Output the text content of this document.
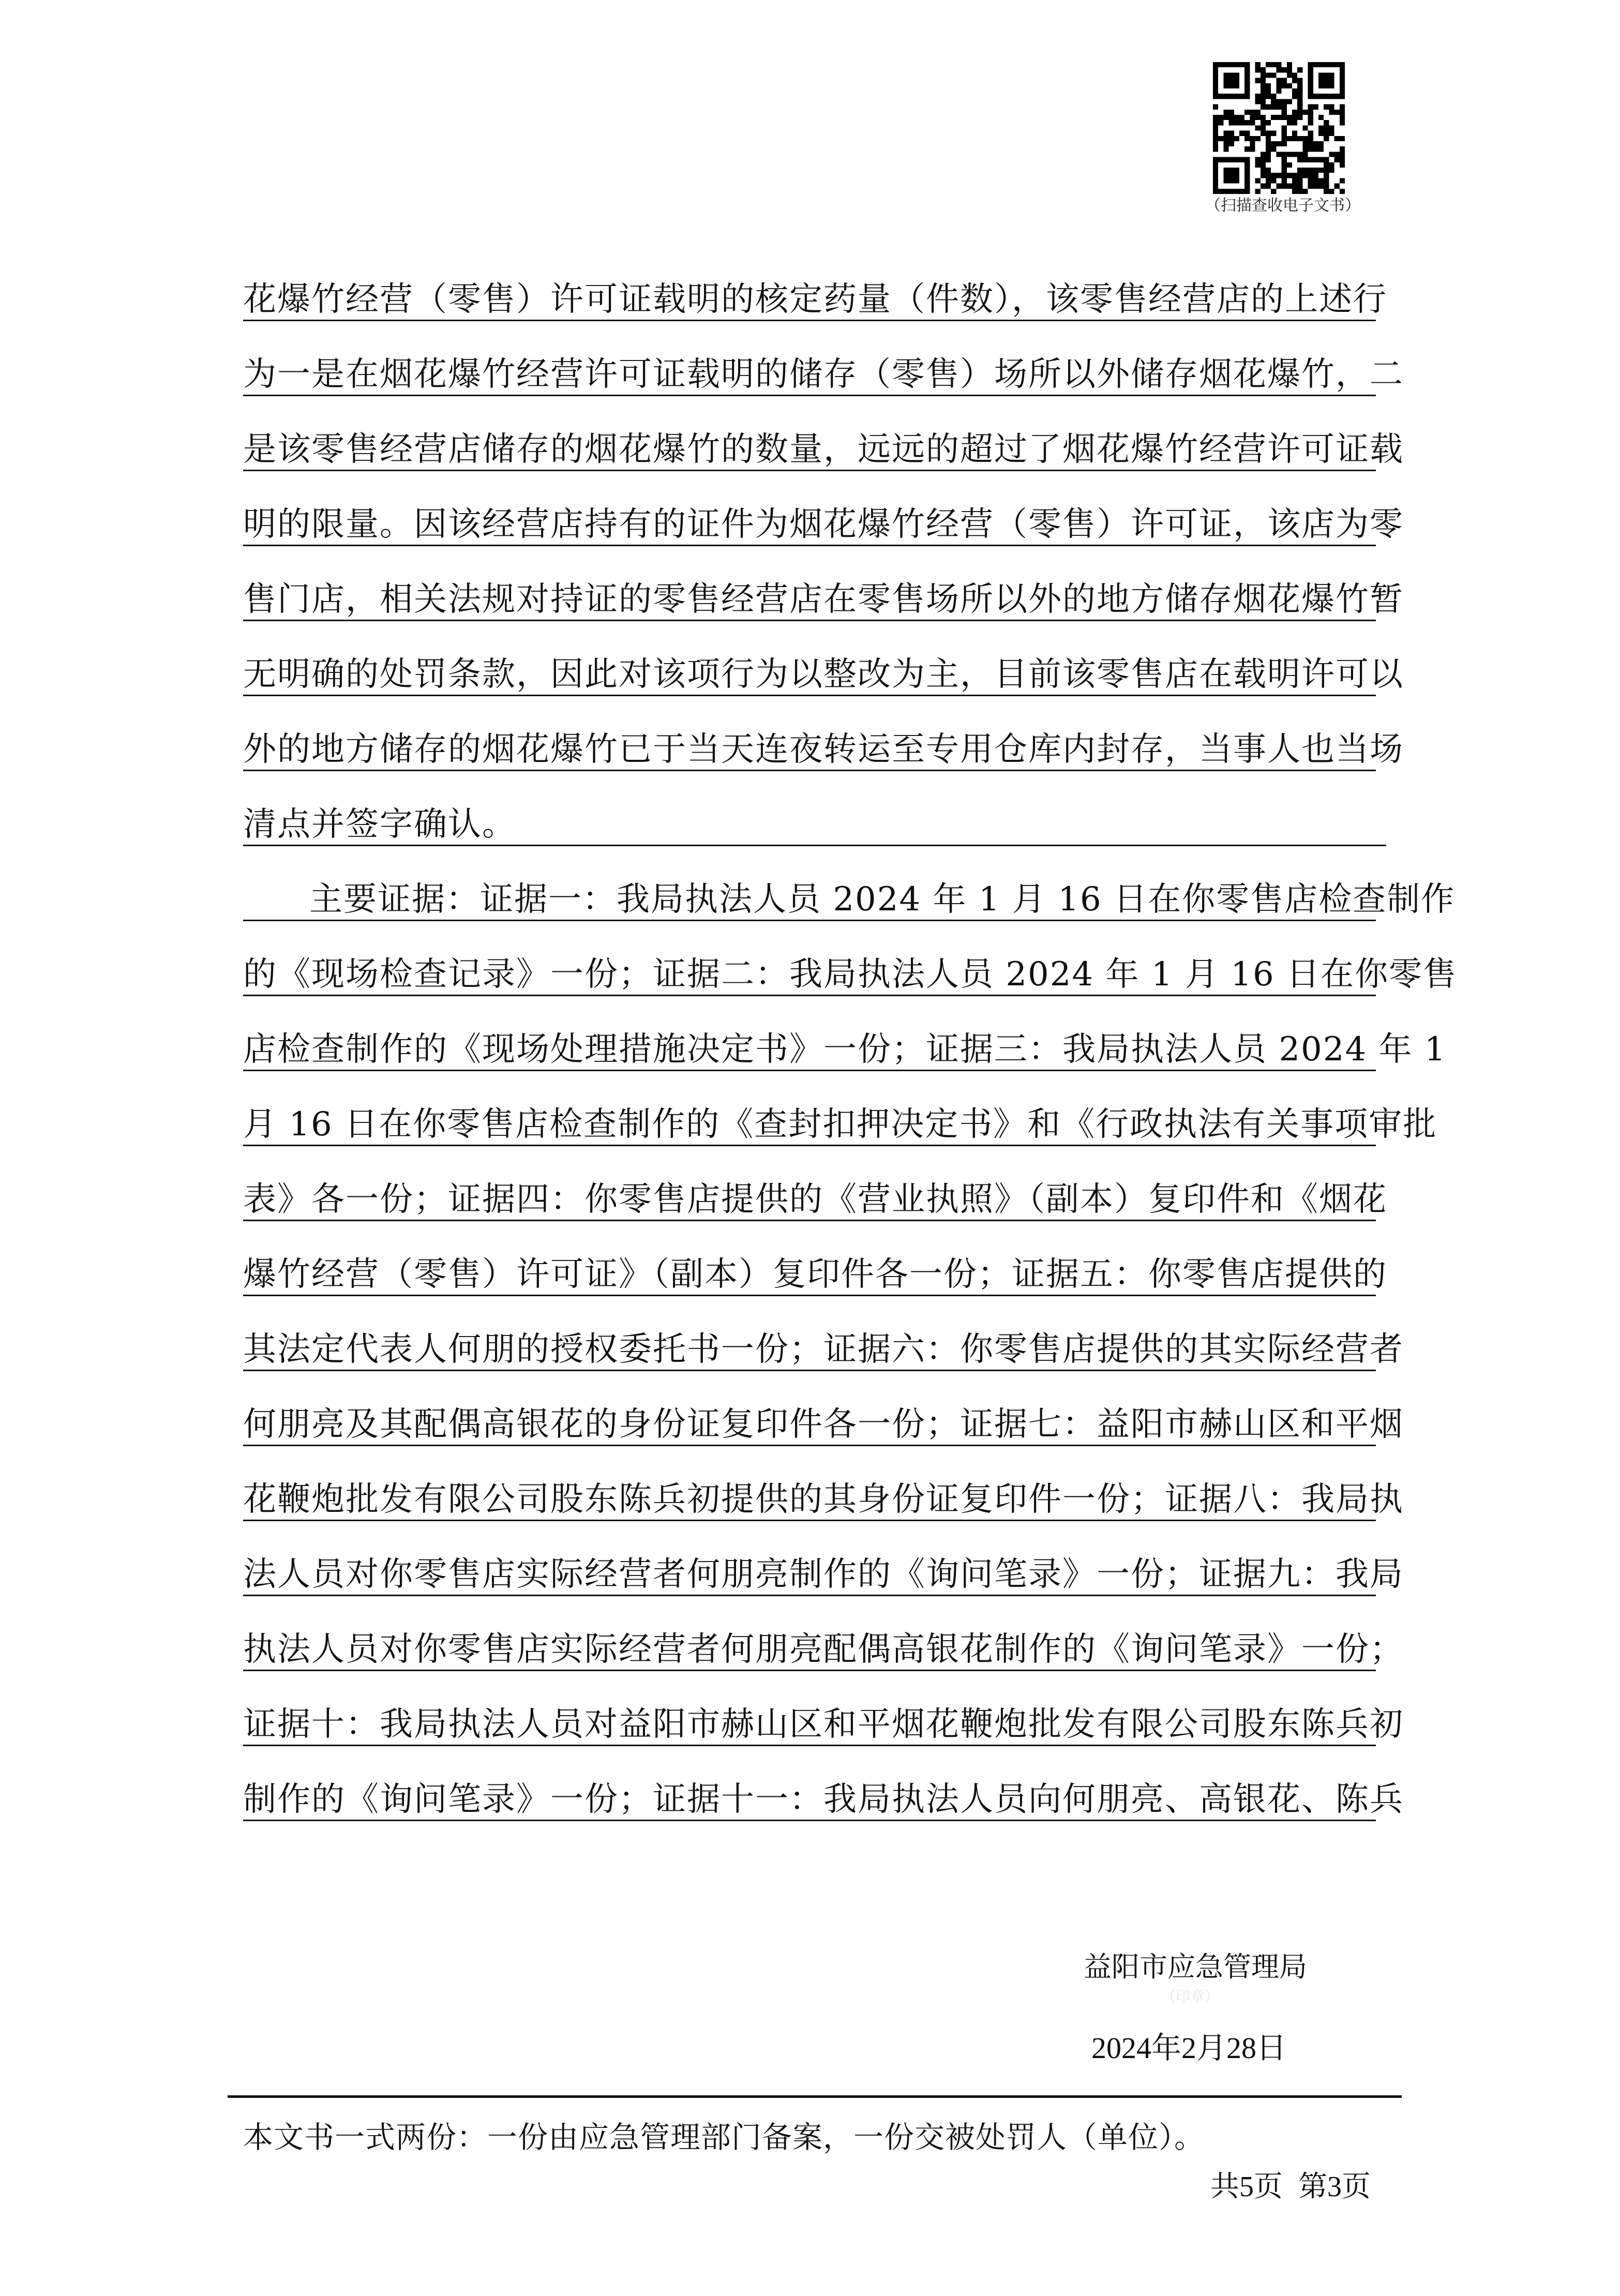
（扫描查收电子文书）
花爆竹经营（零售）许可证载明的核定药量（件数），该零售经营店的上述行
为一是在烟花爆竹经营许可证载明的储存（零售）场所以外储存烟花爆竹，二
是该零售经营店储存的烟花爆竹的数量，远远的超过了烟花爆竹经营许可证载
明的限量。因该经营店持有的证件为烟花爆竹经营（零售）许可证，该店为零
售门店，相关法规对持证的零售经营店在零售场所以外的地方储存烟花爆竹暂
无明确的处罚条款，因此对该项行为以整改为主，目前该零售店在载明许可以
外的地方储存的烟花爆竹已于当天连夜转运至专用仓库内封存，当事人也当场
清点并签字确认。
主要证据：证据一：我局执法人员 2024 年 1 月 16 日在你零售店检查制作
的《现场检查记录》一份；证据二：我局执法人员 2024 年 1 月 16 日在你零售
店检查制作的《现场处理措施决定书》一份；证据三：我局执法人员 2024 年 1
月 16 日在你零售店检查制作的《查封扣押决定书》和《行政执法有关事项审批
表》各一份；证据四：你零售店提供的《营业执照》（副本）复印件和《烟花
爆竹经营（零售）许可证》（副本）复印件各一份；证据五：你零售店提供的
其法定代表人何朋的授权委托书一份；证据六：你零售店提供的其实际经营者
何朋亮及其配偶高银花的身份证复印件各一份；证据七：益阳市赫山区和平烟
花鞭炮批发有限公司股东陈兵初提供的其身份证复印件一份；证据八：我局执
法人员对你零售店实际经营者何朋亮制作的《询问笔录》一份；证据九：我局
执法人员对你零售店实际经营者何朋亮配偶高银花制作的《询问笔录》一份；
证据十：我局执法人员对益阳市赫山区和平烟花鞭炮批发有限公司股东陈兵初
制作的《询问笔录》一份；证据十一：我局执法人员向何朋亮、高银花、陈兵
益阳市应急管理局
（印章）
2024年2月28日
本文书一式两份：一份由应急管理部门备案，一份交被处罚人（单位）。
共5页 第3页
